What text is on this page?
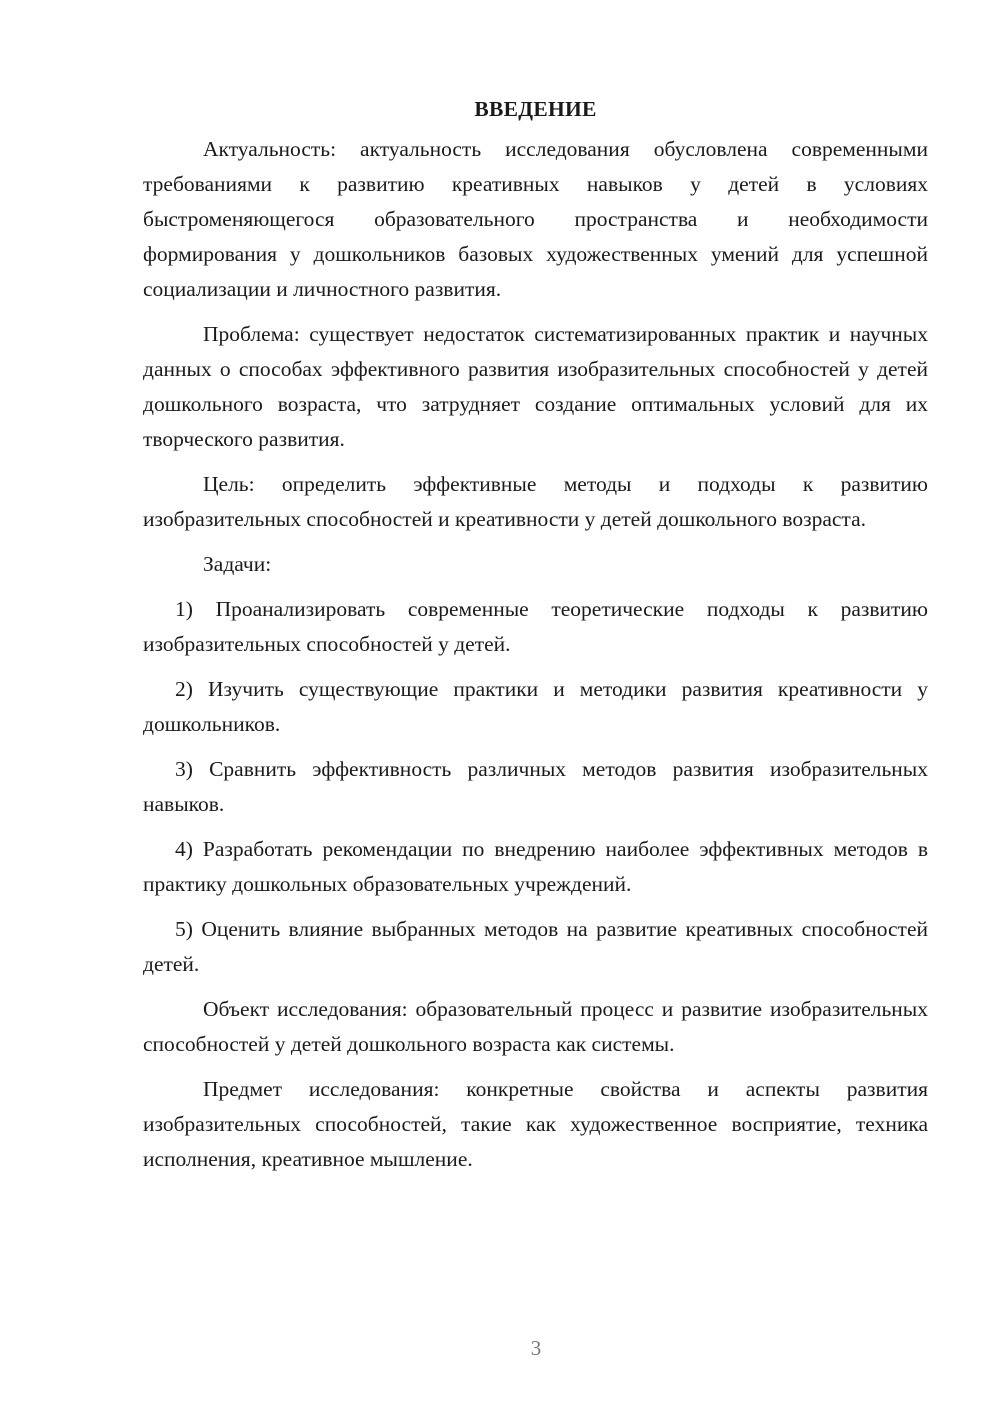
ВВЕДЕНИЕ

Актуальность: актуальность исследования обусловлена современными требованиями к развитию креативных навыков у детей в условиях быстроменяющегося образовательного пространства и необходимости формирования у дошкольников базовых художественных умений для успешной социализации и личностного развития.

Проблема: существует недостаток систематизированных практик и научных данных о способах эффективного развития изобразительных способностей у детей дошкольного возраста, что затрудняет создание оптимальных условий для их творческого развития.

Цель: определить эффективные методы и подходы к развитию изобразительных способностей и креативности у детей дошкольного возраста.

Задачи:

1) Проанализировать современные теоретические подходы к развитию изобразительных способностей у детей.

2) Изучить существующие практики и методики развития креативности у дошкольников.

3) Сравнить эффективность различных методов развития изобразительных навыков.

4) Разработать рекомендации по внедрению наиболее эффективных методов в практику дошкольных образовательных учреждений.

5) Оценить влияние выбранных методов на развитие креативных способностей детей.

Объект исследования: образовательный процесс и развитие изобразительных способностей у детей дошкольного возраста как системы.

Предмет исследования: конкретные свойства и аспекты развития изобразительных способностей, такие как художественное восприятие, техника исполнения, креативное мышление.

3
